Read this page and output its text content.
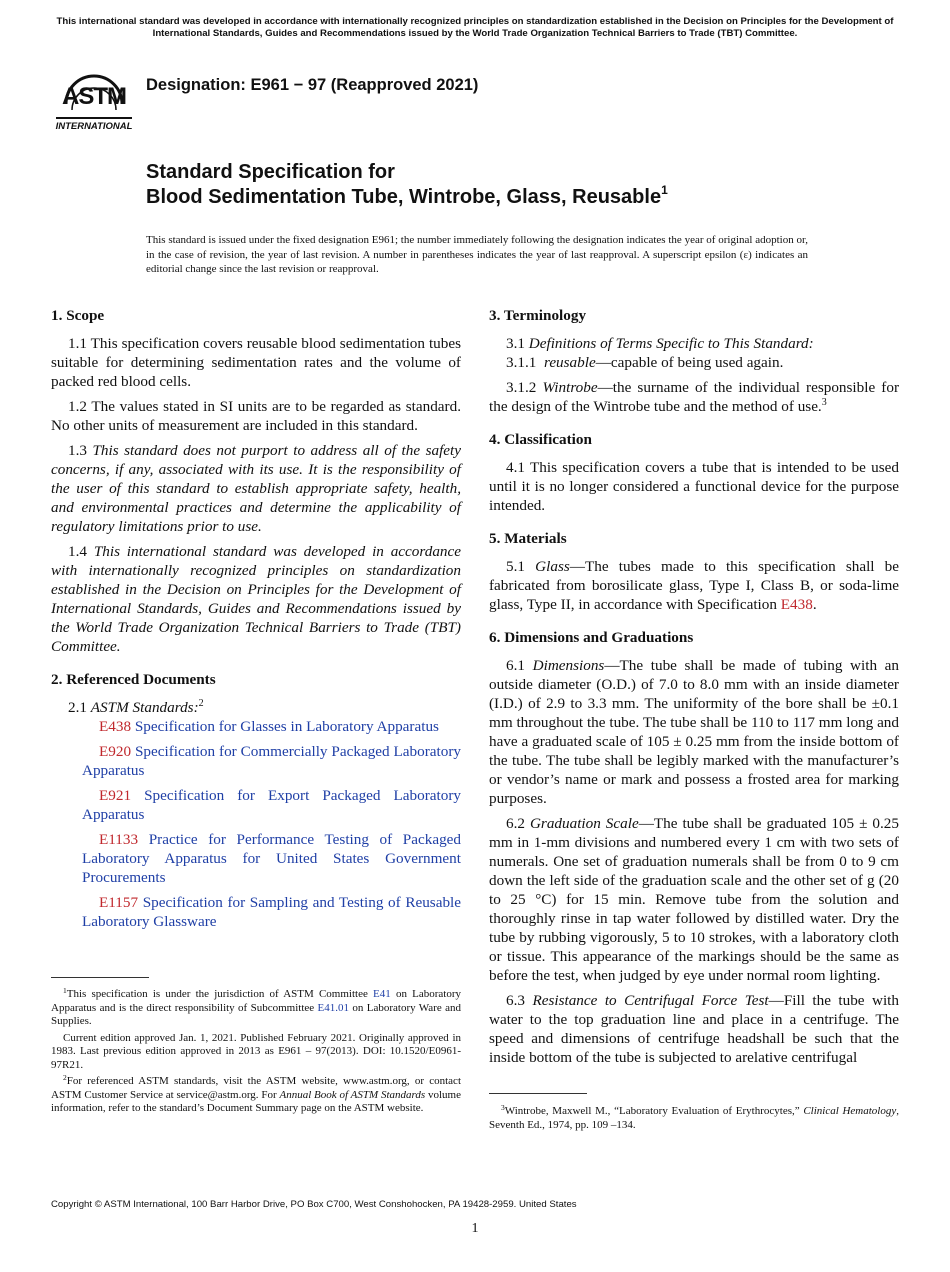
This international standard was developed in accordance with internationally recognized principles on standardization established in the Decision on Principles for the Development of International Standards, Guides and Recommendations issued by the World Trade Organization Technical Barriers to Trade (TBT) Committee.
ASTM
INTERNATIONAL
Designation: E961 − 97 (Reapproved 2021)
Standard Specification for
Blood Sedimentation Tube, Wintrobe, Glass, Reusable$^1$
This standard is issued under the fixed designation E961; the number immediately following the designation indicates the year of original adoption or, in the case of revision, the year of last revision. A number in parentheses indicates the year of last reapproval. A superscript epsilon (ε) indicates an editorial change since the last revision or reapproval.
1. Scope

1.1 This specification covers reusable blood sedimentation tubes suitable for determining sedimentation rates and the volume of packed red blood cells.

1.2 The values stated in SI units are to be regarded as standard. No other units of measurement are included in this standard.

1.3 This standard does not purport to address all of the safety concerns, if any, associated with its use. It is the responsibility of the user of this standard to establish appropriate safety, health, and environmental practices and determine the applicability of regulatory limitations prior to use.

1.4 This international standard was developed in accordance with internationally recognized principles on standardization established in the Decision on Principles for the Development of International Standards, Guides and Recommendations issued by the World Trade Organization Technical Barriers to Trade (TBT) Committee.

2. Referenced Documents

2.1 ASTM Standards:$^2$

E438 Specification for Glasses in Laboratory Apparatus

E920 Specification for Commercially Packaged Laboratory Apparatus

E921 Specification for Export Packaged Laboratory Apparatus

E1133 Practice for Performance Testing of Packaged Laboratory Apparatus for United States Government Procurements

E1157 Specification for Sampling and Testing of Reusable Laboratory Glassware

$^1$This specification is under the jurisdiction of ASTM Committee E41 on Laboratory Apparatus and is the direct responsibility of Subcommittee E41.01 on Laboratory Ware and Supplies.

Current edition approved Jan. 1, 2021. Published February 2021. Originally approved in 1983. Last previous edition approved in 2013 as E961 – 97(2013). DOI: 10.1520/E0961-97R21.

$^2$For referenced ASTM standards, visit the ASTM website, www.astm.org, or contact ASTM Customer Service at service@astm.org. For Annual Book of ASTM Standards volume information, refer to the standard’s Document Summary page on the ASTM website.

3. Terminology

3.1 Definitions of Terms Specific to This Standard:

3.1.1 reusable—capable of being used again.

3.1.2 Wintrobe—the surname of the individual responsible for the design of the Wintrobe tube and the method of use.$^3$

4. Classification

4.1 This specification covers a tube that is intended to be used until it is no longer considered a functional device for the purpose intended.

5. Materials

5.1 Glass—The tubes made to this specification shall be fabricated from borosilicate glass, Type I, Class B, or soda-lime glass, Type II, in accordance with Specification E438.

6. Dimensions and Graduations

6.1 Dimensions—The tube shall be made of tubing with an outside diameter (O.D.) of 7.0 to 8.0 mm with an inside diameter (I.D.) of 2.9 to 3.3 mm. The uniformity of the bore shall be ±0.1 mm throughout the tube. The tube shall be 110 to 117 mm long and have a graduated scale of 105 ± 0.25 mm from the inside bottom of the tube. The tube shall be legibly marked with the manufacturer’s or vendor’s name or mark and possess a frosted area for marking purposes.

6.2 Graduation Scale—The tube shall be graduated 105 ± 0.25 mm in 1-mm divisions and numbered every 1 cm with two sets of numerals. One set of graduation numerals shall be from 0 to 9 cm down the left side of the graduation scale and the other set of g (20 to 25 °C) for 15 min. Remove tube from the solution and thoroughly rinse in tap water followed by distilled water. Dry the tube by rubbing vigorously, 5 to 10 strokes, with a laboratory cloth or tissue. This appearance of the markings should be the same as before the test, when judged by eye under normal room lighting.

6.3 Resistance to Centrifugal Force Test—Fill the tube with water to the top graduation line and place in a centrifuge. The speed and dimensions of centrifuge headshall be such that the inside bottom of the tube is subjected to arelative centrifugal

$^3$Wintrobe, Maxwell M., “Laboratory Evaluation of Erythrocytes,” Clinical Hematology, Seventh Ed., 1974, pp. 109 –134.

Copyright © ASTM International, 100 Barr Harbor Drive, PO Box C700, West Conshohocken, PA 19428-2959. United States
1
